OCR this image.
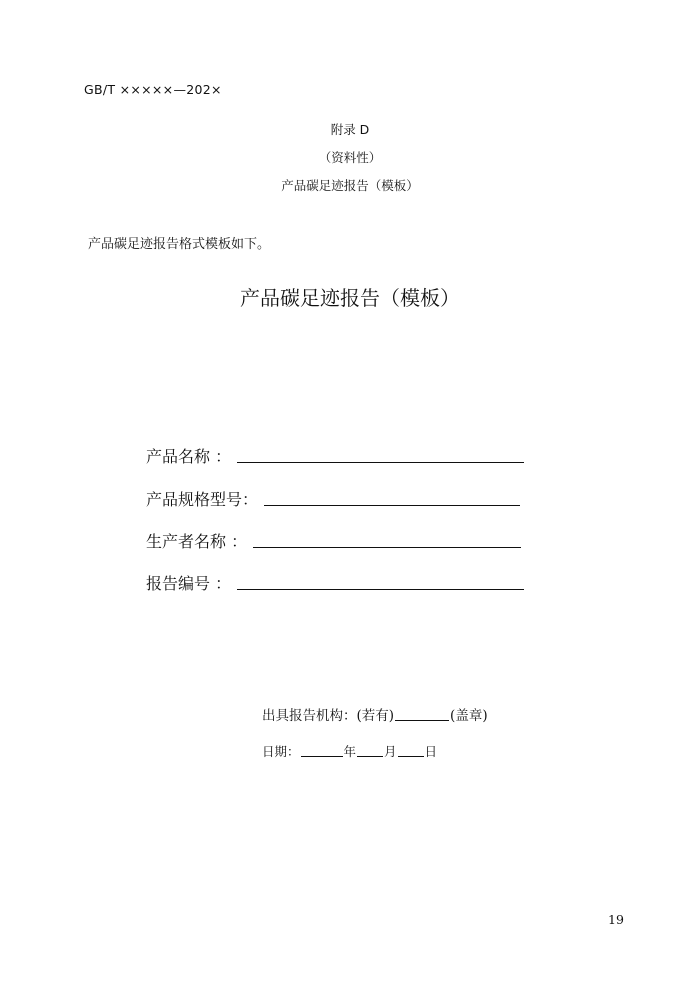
GB/T ×××××—202×
附录 D
（资料性）
产品碳足迹报告（模板）
产品碳足迹报告格式模板如下。
产品碳足迹报告（模板）
产品名称 ：
产品规格型号：
生产者名称 ：
报告编号 ：
出具报告机构：(若有)	(盖章)
日期：	年 月 日
19
